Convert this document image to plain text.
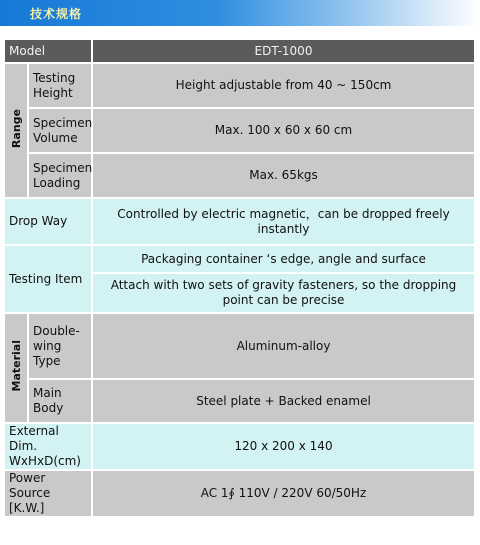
技术规格
Model		EDT-1000
Range	Testing Height	Height adjustable from 40 ~ 150cm
	Specimen Volume	Max. 100 x 60 x 60 cm
	Specimen Loading	Max. 65kgs
Drop Way		Controlled by electric magnetic，can be dropped freely instantly
Testing Item		Packaging container ‘s edge, angle and surface
		Attach with two sets of gravity fasteners, so the dropping point can be precise
Material	Double-wing Type	Aluminum-alloy
	Main Body	Steel plate + Backed enamel
External Dim. WxHxD(cm)		120 x 200 x 140
Power Source [K.W.]		AC 1∮ 110V / 220V 60/50Hz
